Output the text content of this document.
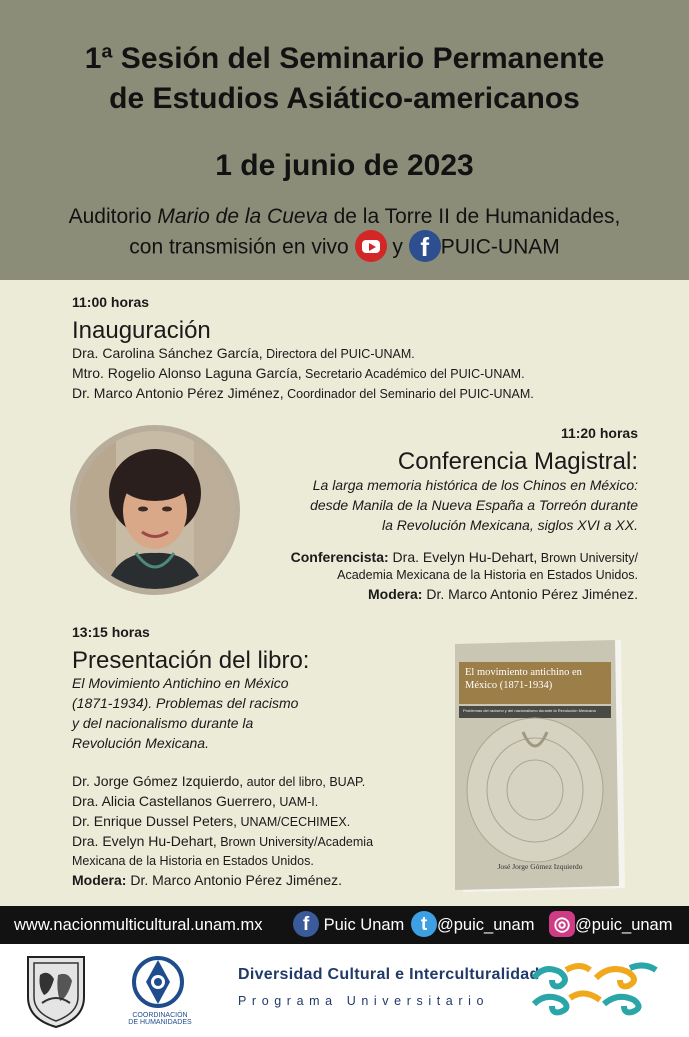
1ª Sesión del Seminario Permanente
de Estudios Asiático-americanos
1 de junio de 2023
Auditorio Mario de la Cueva de la Torre II de Humanidades,
con transmisión en vivo y f PUIC-UNAM
11:00 horas
Inauguración
Dra. Carolina Sánchez García, Directora del PUIC-UNAM.
Mtro. Rogelio Alonso Laguna García, Secretario Académico del PUIC-UNAM.
Dr. Marco Antonio Pérez Jiménez, Coordinador del Seminario del PUIC-UNAM.
11:20 horas
Conferencia Magistral:
La larga memoria histórica de los Chinos en México:
desde Manila de la Nueva España a Torreón durante
la Revolución Mexicana, siglos XVI a XX.
Conferencista: Dra. Evelyn Hu-Dehart, Brown University/
Academia Mexicana de la Historia en Estados Unidos.
Modera: Dr. Marco Antonio Pérez Jiménez.
13:15 horas
Presentación del libro:
El Movimiento Antichino en México
(1871-1934). Problemas del racismo
y del nacionalismo durante la
Revolución Mexicana.
Dr. Jorge Gómez Izquierdo, autor del libro, BUAP.
Dra. Alicia Castellanos Guerrero, UAM-I.
Dr. Enrique Dussel Peters, UNAM/CECHIMEX.
Dra. Evelyn Hu-Dehart, Brown University/Academia
Mexicana de la Historia en Estados Unidos.
Modera: Dr. Marco Antonio Pérez Jiménez.
El movimiento antichino en
México (1871-1934)
Problemas del racismo y del nacionalismo durante la Revolución Mexicana
José Jorge Gómez Izquierdo
www.nacionmulticultural.unam.mx	f Puic Unam t @puic_unam ◎ @puic_unam
COORDINACIÓN DE HUMANIDADES
Diversidad Cultural e Interculturalidad
Programa Universitario
